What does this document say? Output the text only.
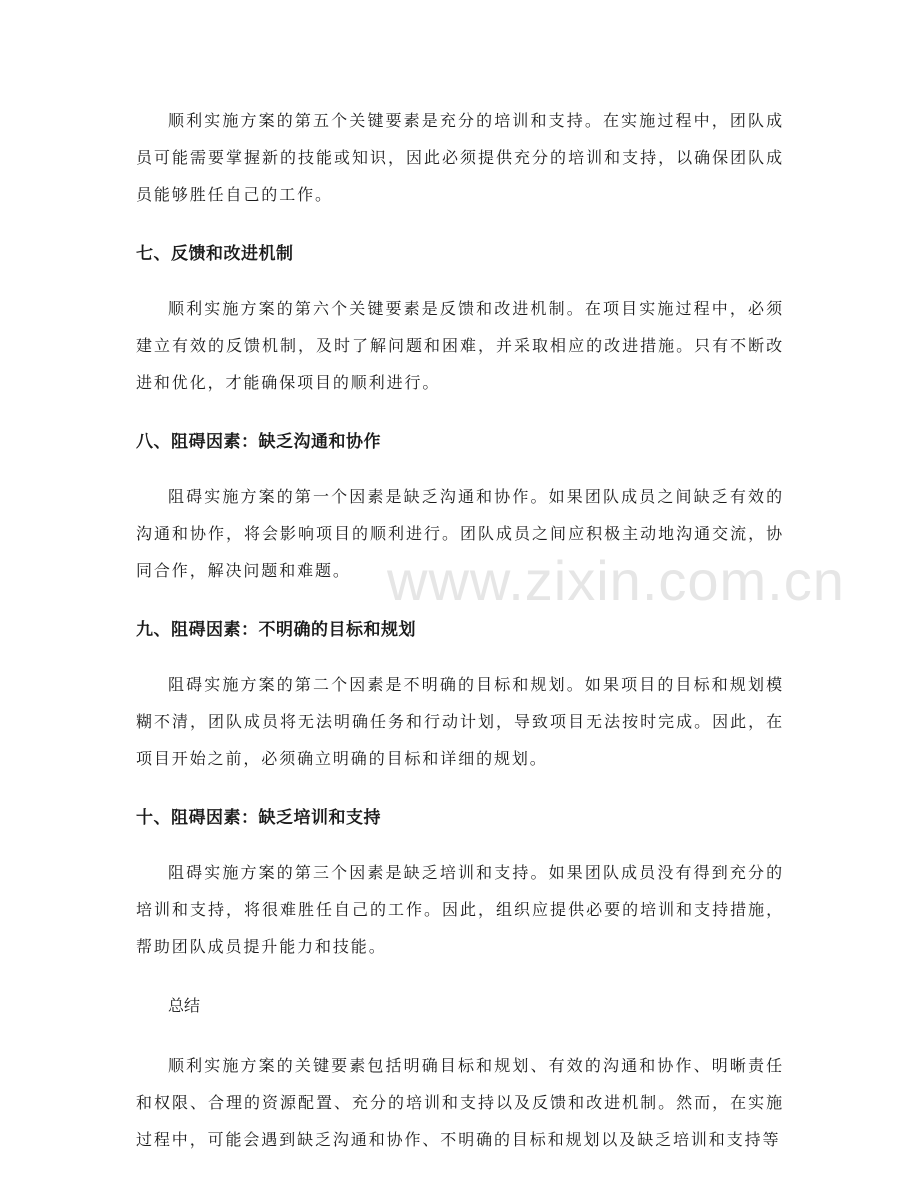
www.zixin.com.cn

顺利实施方案的第五个关键要素是充分的培训和支持。在实施过程中，团队成员可能需要掌握新的技能或知识，因此必须提供充分的培训和支持，以确保团队成员能够胜任自己的工作。

七、反馈和改进机制

顺利实施方案的第六个关键要素是反馈和改进机制。在项目实施过程中，必须建立有效的反馈机制，及时了解问题和困难，并采取相应的改进措施。只有不断改进和优化，才能确保项目的顺利进行。

八、阻碍因素：缺乏沟通和协作

阻碍实施方案的第一个因素是缺乏沟通和协作。如果团队成员之间缺乏有效的沟通和协作，将会影响项目的顺利进行。团队成员之间应积极主动地沟通交流，协同合作，解决问题和难题。

九、阻碍因素：不明确的目标和规划

阻碍实施方案的第二个因素是不明确的目标和规划。如果项目的目标和规划模糊不清，团队成员将无法明确任务和行动计划，导致项目无法按时完成。因此，在项目开始之前，必须确立明确的目标和详细的规划。

十、阻碍因素：缺乏培训和支持

阻碍实施方案的第三个因素是缺乏培训和支持。如果团队成员没有得到充分的培训和支持，将很难胜任自己的工作。因此，组织应提供必要的培训和支持措施，帮助团队成员提升能力和技能。

总结

顺利实施方案的关键要素包括明确目标和规划、有效的沟通和协作、明晰责任和权限、合理的资源配置、充分的培训和支持以及反馈和改进机制。然而，在实施过程中，可能会遇到缺乏沟通和协作、不明确的目标和规划以及缺乏培训和支持等
